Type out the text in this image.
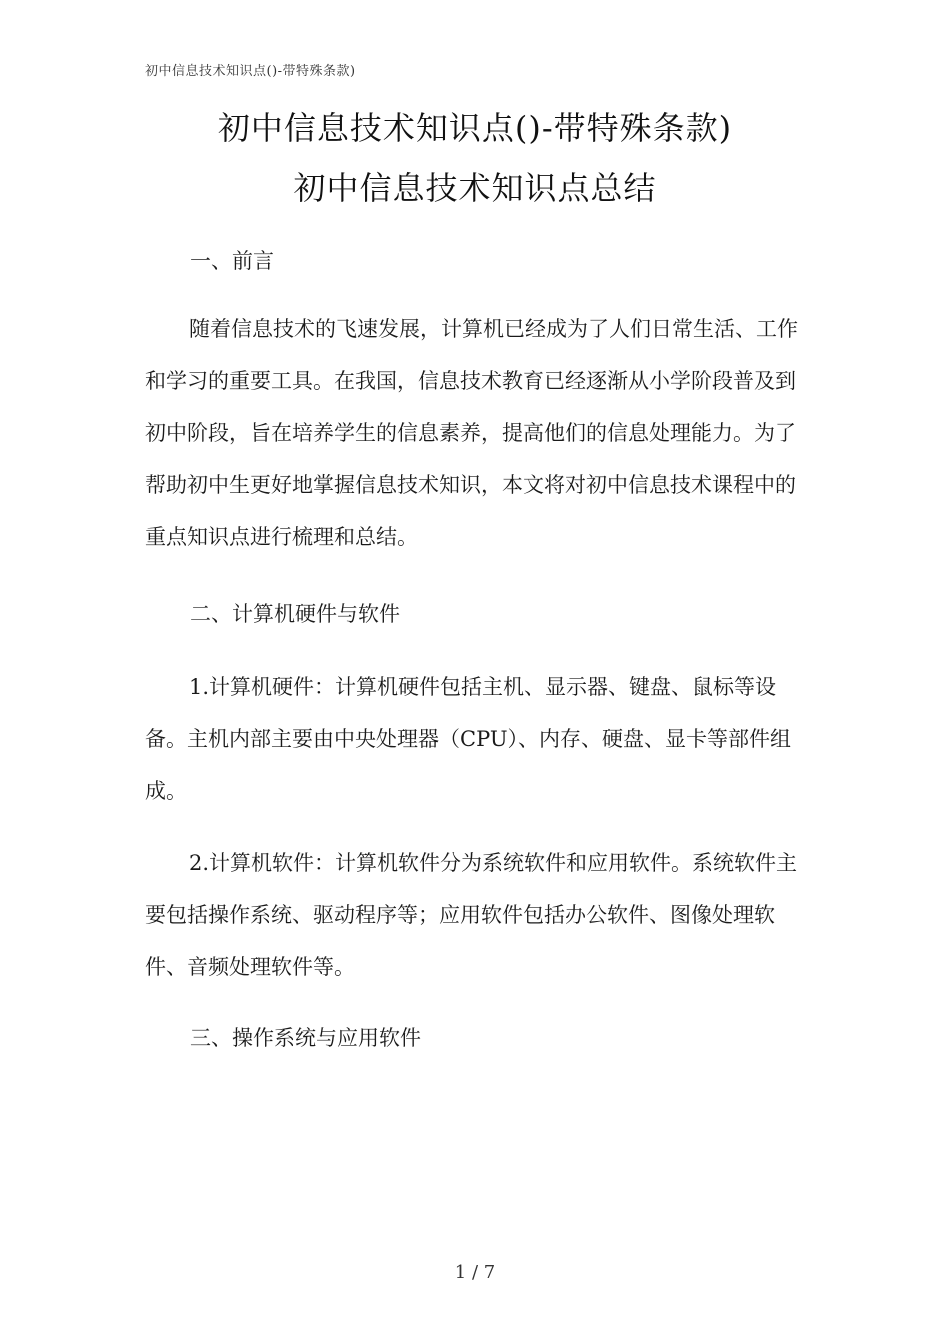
初中信息技术知识点()-带特殊条款)
初中信息技术知识点()-带特殊条款)
初中信息技术知识点总结
一、前言
随着信息技术的飞速发展，计算机已经成为了人们日常生活、工作和学习的重要工具。在我国，信息技术教育已经逐渐从小学阶段普及到初中阶段，旨在培养学生的信息素养，提高他们的信息处理能力。为了帮助初中生更好地掌握信息技术知识，本文将对初中信息技术课程中的重点知识点进行梳理和总结。
二、计算机硬件与软件
1.计算机硬件：计算机硬件包括主机、显示器、键盘、鼠标等设备。主机内部主要由中央处理器（CPU）、内存、硬盘、显卡等部件组成。
2.计算机软件：计算机软件分为系统软件和应用软件。系统软件主要包括操作系统、驱动程序等；应用软件包括办公软件、图像处理软件、音频处理软件等。
三、操作系统与应用软件
1 / 7
